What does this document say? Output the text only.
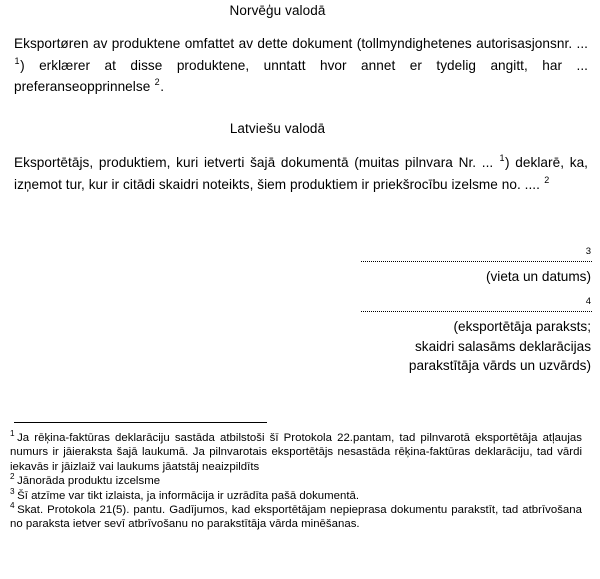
Norvēģu valodā
Eksportøren av produktene omfattet av dette dokument (tollmyndighetenes autorisasjonsnr. ... $^1$) erklærer at disse produktene, unntatt hvor annet er tydelig angitt, har ... preferanseopprinnelse $^2$.
Latviešu valodā
Eksportētājs, produktiem, kuri ietverti šajā dokumentā (muitas pilnvara Nr. ... $^1$) deklarē, ka, izņemot tur, kur ir citādi skaidri noteikts, šiem produktiem ir priekšrocību izelsme no. .... $^2$
3
(vieta un datums)
4
(eksportētāja paraksts;
skaidri salasāms deklarācijas
parakstītāja vārds un uzvārds)

$^1$ Ja rēķina-faktūras deklarāciju sastāda atbilstoši šī Protokola 22.pantam, tad pilnvarotā eksportētāja atļaujas numurs ir jāieraksta šajā laukumā. Ja pilnvarotais eksportētājs nesastāda rēķina-faktūras deklarāciju, tad vārdi iekavās ir jāizlaiž vai laukums jāatstāj neaizpildīts

$^2$ Jānorāda produktu izcelsme

$^3$ Šī atzīme var tikt izlaista, ja informācija ir uzrādīta pašā dokumentā.

$^4$ Skat. Protokola 21(5). pantu. Gadījumos, kad eksportētājam nepieprasa dokumentu parakstīt, tad atbrīvošana no paraksta ietver sevī atbrīvošanu no parakstītāja vārda minēšanas.
